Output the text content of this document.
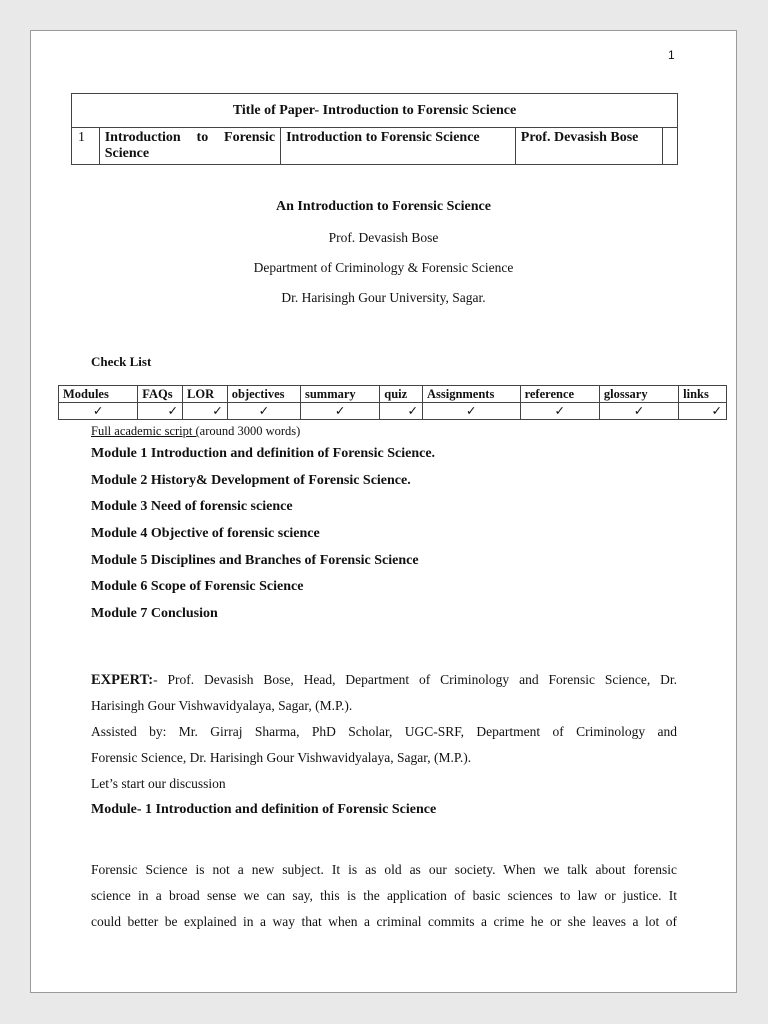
1
Title of Paper- Introduction to Forensic Science
1	Introduction to Forensic Science	Introduction to Forensic Science	Prof. Devasish Bose	
An Introduction to Forensic Science
Prof. Devasish Bose
Department of Criminology & Forensic Science
Dr. Harisingh Gour University, Sagar.
Check List
Modules	FAQs	LOR	objectives	summary	quiz	Assignments	reference	glossary	links
✓	✓	✓	✓	✓	✓	✓	✓	✓	✓
Full academic script (around 3000 words)
Module 1 Introduction and definition of Forensic Science.
Module 2 History& Development of Forensic Science.
Module 3 Need of forensic science
Module 4 Objective of forensic science
Module 5 Disciplines and Branches of Forensic Science
Module 6 Scope of Forensic Science
Module 7 Conclusion
EXPERT:- Prof. Devasish Bose, Head, Department of Criminology and Forensic Science, Dr.
Harisingh Gour Vishwavidyalaya, Sagar, (M.P.).
Assisted by: Mr. Girraj Sharma, PhD Scholar, UGC-SRF, Department of Criminology and
Forensic Science, Dr. Harisingh Gour Vishwavidyalaya, Sagar, (M.P.).
Let’s start our discussion
Module- 1 Introduction and definition of Forensic Science
Forensic Science is not a new subject. It is as old as our society. When we talk about forensic
science in a broad sense we can say, this is the application of basic sciences to law or justice. It
could better be explained in a way that when a criminal commits a crime he or she leaves a lot of
